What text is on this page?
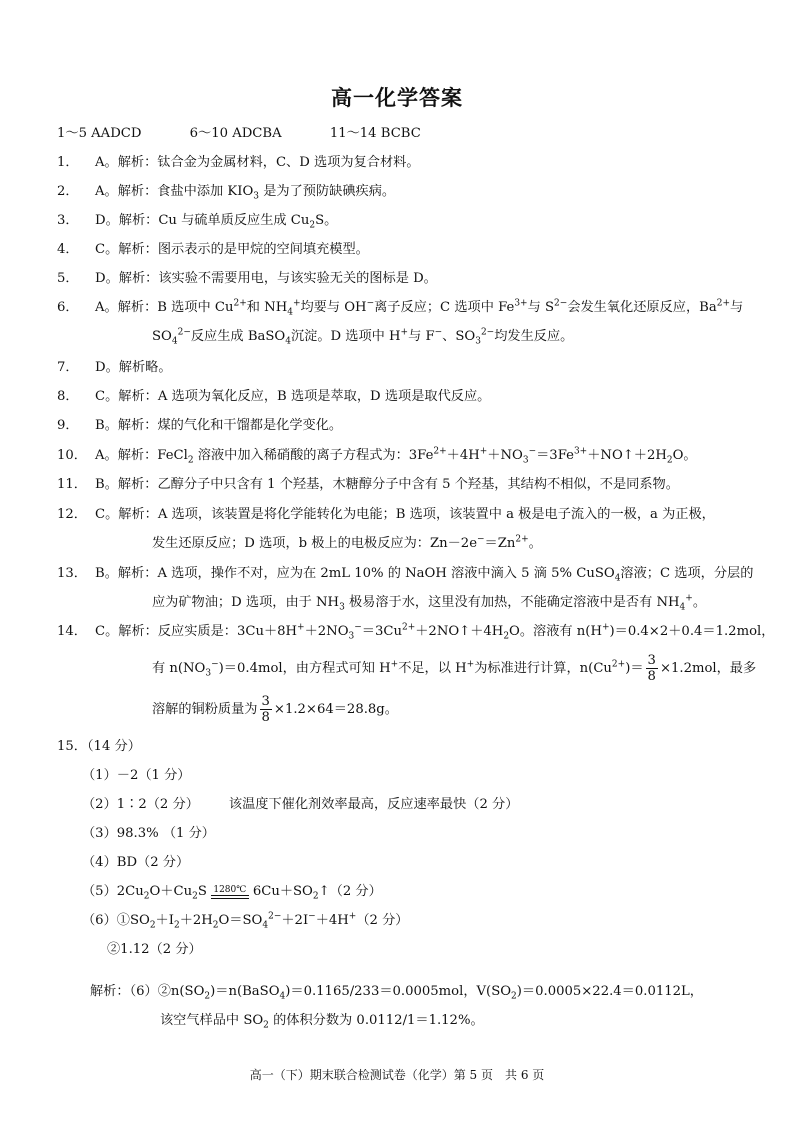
高一化学答案
1～5 AADCD	6～10 ADCBA	11～14 BCBC
1． A。解析：钛合金为金属材料，C、D 选项为复合材料。
2． A。解析：食盐中添加 $KIO_3$ 是为了预防缺碘疾病。
3． D。解析：Cu 与硫单质反应生成 $Cu_2S$。
4． C。解析：图示表示的是甲烷的空间填充模型。
5． D。解析：该实验不需要用电，与该实验无关的图标是 D。
6． A。解析：B 选项中 $Cu^{2+}$和 $NH_4^+$均要与 OH−离子反应；C 选项中 $Fe^{3+}$与 $S^{2-}$会发生氧化还原反应，$Ba^{2+}$与
$SO_4^{2-}$反应生成 BaSO$_4$沉淀。D 选项中 H+与 F−、$SO_3^{2-}$均发生反应。
7． D。解析略。
8． C。解析：A 选项为氧化反应，B 选项是萃取，D 选项是取代反应。
9． B。解析：煤的气化和干馏都是化学变化。
10． A。解析：FeCl$_2$ 溶液中加入稀硝酸的离子方程式为：$3Fe^{2+}+4H^++NO_3^-=3Fe^{3+}+NO↑+2H_2O$。
11． B。解析：乙醇分子中只含有 1 个羟基，木糖醇分子中含有 5 个羟基，其结构不相似，不是同系物。
12． C。解析：A 选项，该装置是将化学能转化为电能；B 选项，该装置中 a 极是电子流入的一极，a 为正极，
发生还原反应；D 选项，b 极上的电极反应为：$Zn-2e^-=Zn^{2+}$。
13． B。解析：A 选项，操作不对，应为在 2mL 10% 的 NaOH 溶液中滴入 5 滴 5% CuSO$_4$溶液；C 选项，分层的
应为矿物油；D 选项，由于 $NH_3$ 极易溶于水，这里没有加热，不能确定溶液中是否有 $NH_4^+$。
14． C。解析：反应实质是：$3Cu+8H^++2NO_3^-=3Cu^{2+}+2NO↑+4H_2O$。溶液有 n(H+)＝0.4×2＋0.4＝1.2mol，
有 $n(NO_3^-)=0.4mol$，由方程式可知 H+不足，以 H+为标准进行计算，$n(Cu^{2+})= \frac{3}{8} \times 1.2mol$，最多
溶解的铜粉质量为 $\frac{3}{8} \times 1.2\times 64=28.8g$。
15．（14 分）
（1）－2（1 分）
（2）1∶2（2 分） 该温度下催化剂效率最高，反应速率最快（2 分）
（3）98.3% （1 分）
（4）BD（2 分）
$(5)2Cu_2O+Cu_2S$ 1280℃ $6Cu+SO_2↑(2$ 分）
$(6)①SO_2+I_2+2H_2O=SO_4^{2-}+2I^-+4H^+(2$ 分）
②1.12（2 分）
解析：$(6)②n(SO_2)=n(BaSO_4)=0.1165/233=0.0005mol$，$V(SO_2)=0.0005\times 22.4=0.0112L$，
该空气样品中 $SO_2$ 的体积分数为 0.0112/1＝1.12%。
高一（下）期末联合检测试卷（化学）第 5 页　共 6 页
